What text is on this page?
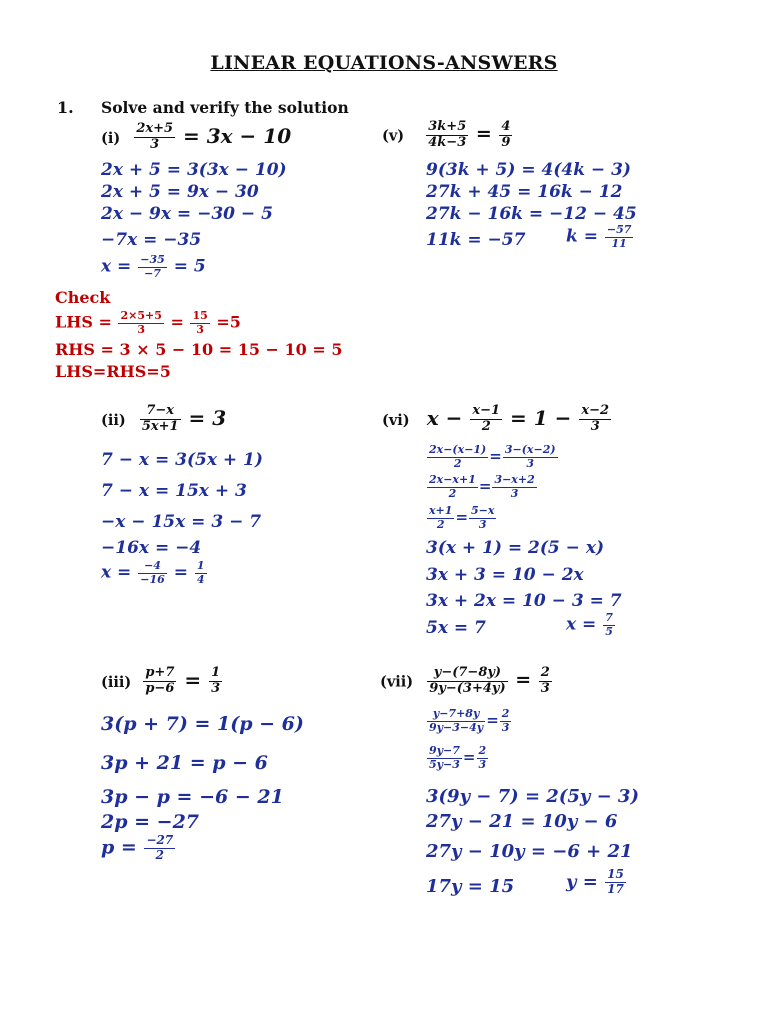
LINEAR EQUATIONS-ANSWERS
1. Solve and verify the solution
$(i) \frac{2x+5}{3} = 3x - 10$
2x + 5 = 3(3x − 10)
2x + 5 = 9x − 30
2x − 9x = −30 − 5
−7x = −35
$x = \frac{-35}{-7} = 5$
Check
LHS = $\frac{2\times 5+5}{3} = \frac{15}{3} =5$
RHS = 3 × 5 − 10 = 15 − 10 = 5
LHS=RHS=5
$(ii) \frac{7-x}{5x+1} = 3$
7 − x = 3(5x + 1)
7 − x = 15x + 3
−x − 15x = 3 − 7
−16x = −4
$x = \frac{-4}{-16} = \frac{1}{4}$
$(iii) \frac{p+7}{p-6} = \frac{1}{3}$
3(p + 7) = 1(p − 6)
3p + 21 = p − 6
3p − p = −6 − 21
2p = −27
$p = \frac{-27}{2}$
$(v) \frac{3k+5}{4k-3} = \frac{4}{9}$
9(3k + 5) = 4(4k − 3)
27k + 45 = 16k − 12
27k − 16k = −12 − 45
11k = −57 $k = \frac{-57}{11}$
(vi) $x - \frac{x-1}{2} = 1 - \frac{x-2}{3}$
$\frac{2x-(x-1)}{2} = \frac{3-(x-2)}{3}$
$\frac{2x-x+1}{2} = \frac{3-x+2}{3}$
$\frac{x+1}{2} = \frac{5-x}{3}$
3(x + 1) = 2(5 − x)
3x + 3 = 10 − 2x
3x + 2x = 10 − 3 = 7
5x = 7	$x = \frac{7}{5}$
$(vii) \frac{y-(7-8y)}{9y-(3+4y)} = \frac{2}{3}$
$\frac{y-7+8y}{9y-3-4y} = \frac{2}{3}$
$\frac{9y-7}{5y-3} = \frac{2}{3}$
3(9y − 7) = 2(5y − 3)
27y − 21 = 10y − 6
27y − 10y = −6 + 21
17y = 15	$y = \frac{15}{17}$
